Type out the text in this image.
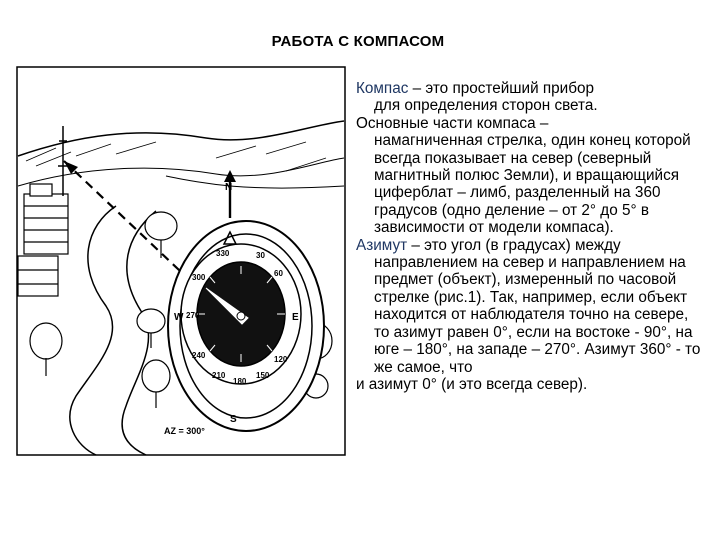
РАБОТА С КОМПАСОМ
N
S
E
W
330	30
300
270
240
210
180
150
120
60
AZ = 300°

Компас – это простейший прибор
для определения сторон света.

Основные части компаса –
намагниченная стрелка, один конец которой всегда показывает на север (северный магнитный полюс Земли), и вращающийся циферблат – лимб, разделенный на 360 градусов (одно деление – от 2° до 5° в зависимости от модели компаса).

Азимут – это угол (в градусах) между
направлением на север и направлением на предмет (объект), измеренный по часовой стрелке (рис.1). Так, например, если объект находится от наблюдателя точно на севере, то азимут равен 0°, если на востоке - 90°, на юге – 180°, на западе – 270°. Азимут 360° - то же самое, что

и азимут 0° (и это всегда север).
